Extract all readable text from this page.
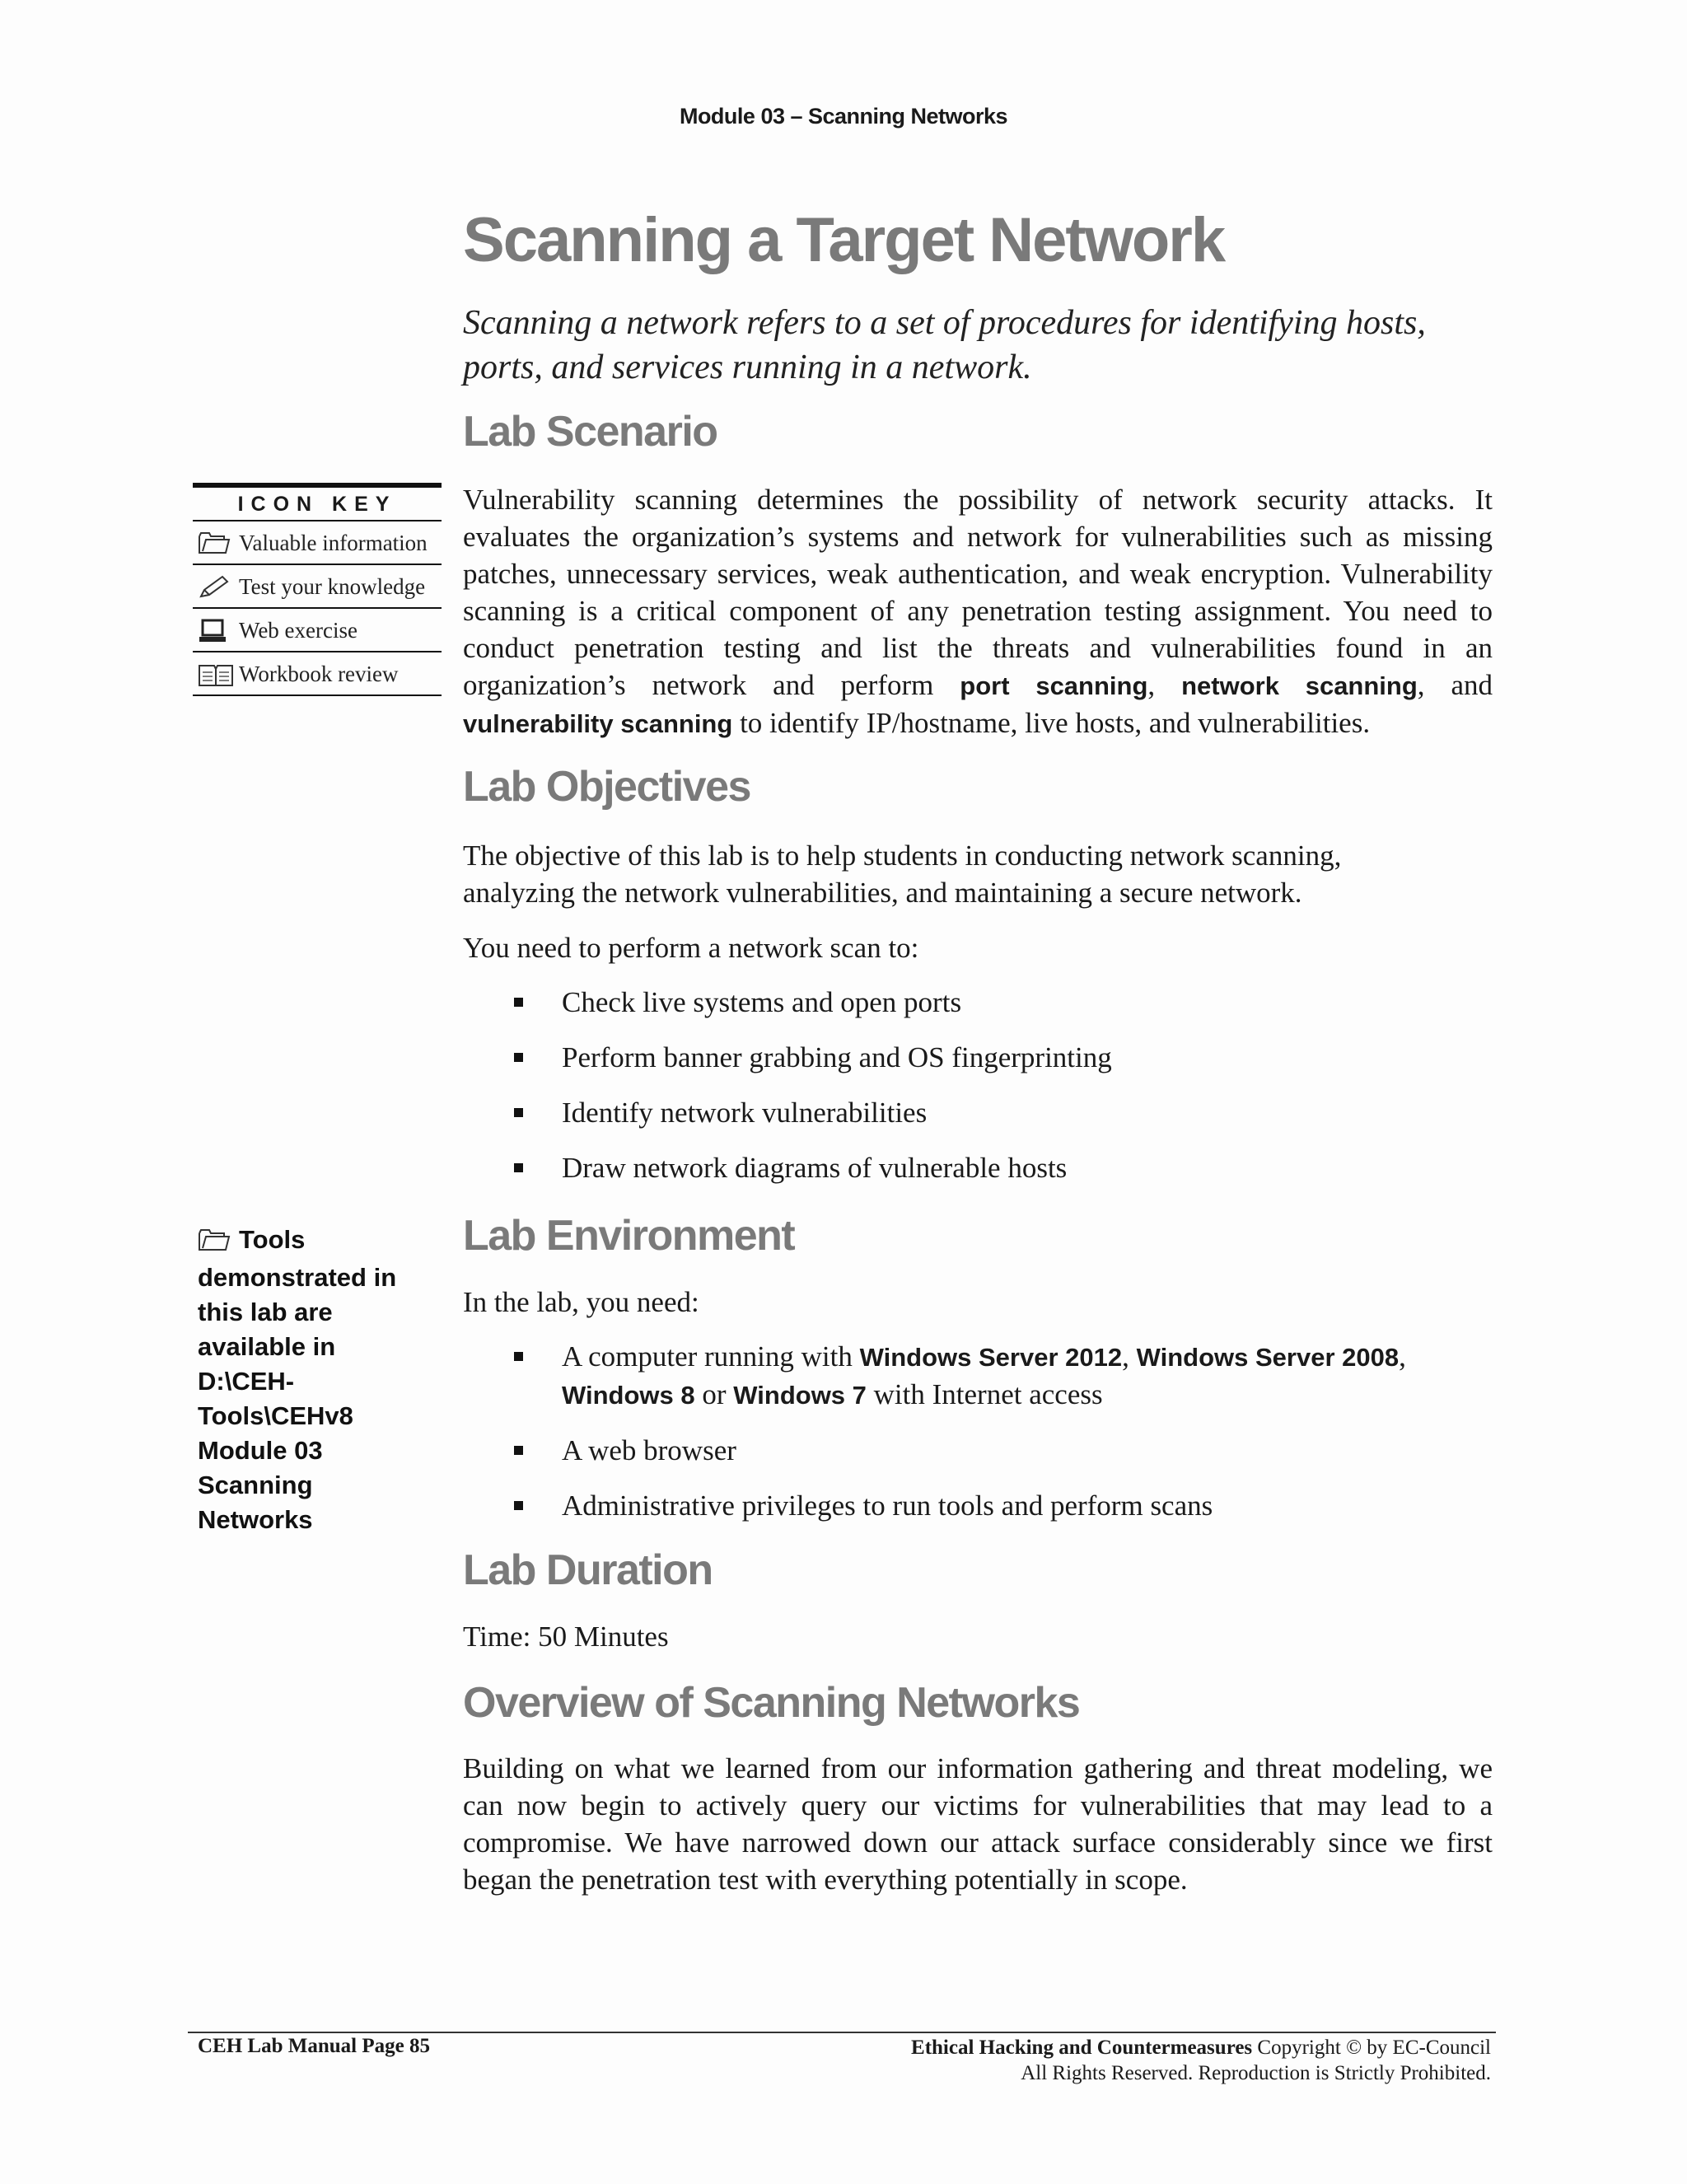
Module 03 – Scanning Networks
Scanning a Target Network

Scanning a network refers to a set of procedures for identifying hosts, ports, and services running in a network.

ICON KEY
Valuable information
Test your knowledge
Web exercise
Workbook review
Tools demonstrated in this lab are available in D:\CEH-Tools\CEHv8 Module 03 Scanning Networks
Lab Scenario

Vulnerability scanning determines the possibility of network security attacks. It evaluates the organization’s systems and network for vulnerabilities such as missing patches, unnecessary services, weak authentication, and weak encryption. Vulnerability scanning is a critical component of any penetration testing assignment. You need to conduct penetration testing and list the threats and vulnerabilities found in an organization’s network and perform port scanning, network scanning, and vulnerability scanning to identify IP/hostname, live hosts, and vulnerabilities.

Lab Objectives

The objective of this lab is to help students in conducting network scanning, analyzing the network vulnerabilities, and maintaining a secure network.

You need to perform a network scan to:

Check live systems and open ports
Perform banner grabbing and OS fingerprinting
Identify network vulnerabilities
Draw network diagrams of vulnerable hosts
Lab Environment

In the lab, you need:

A computer running with Windows Server 2012, Windows Server 2008,
Windows 8 or Windows 7 with Internet access
A web browser
Administrative privileges to run tools and perform scans
Lab Duration

Time: 50 Minutes

Overview of Scanning Networks

Building on what we learned from our information gathering and threat modeling, we can now begin to actively query our victims for vulnerabilities that may lead to a compromise. We have narrowed down our attack surface considerably since we first began the penetration test with everything potentially in scope.

CEH Lab Manual Page 85	Ethical Hacking and Countermeasures Copyright © by EC-Council
All Rights Reserved. Reproduction is Strictly Prohibited.
